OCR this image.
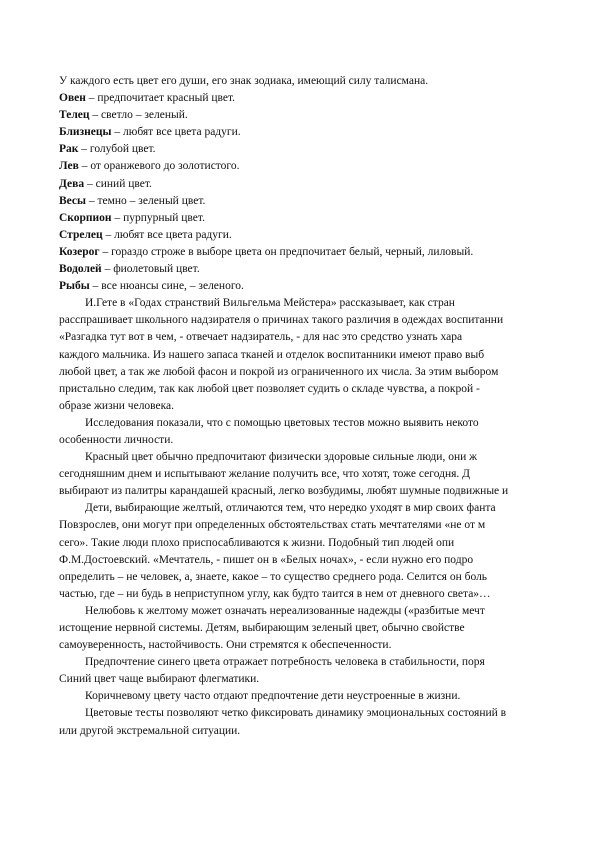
У каждого есть цвет его души, его знак зодиака, имеющий силу талисмана.
Овен – предпочитает красный цвет.
Телец – светло – зеленый.
Близнецы – любят все цвета радуги.
Рак – голубой цвет.
Лев – от оранжевого до золотистого.
Дева – синий цвет.
Весы – темно – зеленый цвет.
Скорпион – пурпурный цвет.
Стрелец – любят все цвета радуги.
Козерог – гораздо строже в выборе цвета он предпочитает белый, черный, лиловый.
Водолей – фиолетовый цвет.
Рыбы – все нюансы сине, – зеленого.
И.Гете в «Годах странствий Вильгельма Мейстера» рассказывает, как стран
расспрашивает школьного надзирателя о причинах такого различия в одеждах воспитанни
«Разгадка тут вот в чем, - отвечает надзиратель, - для нас это средство узнать хара
каждого мальчика. Из нашего запаса тканей и отделок воспитанники имеют право выб
любой цвет, а так же любой фасон и покрой из ограниченного их числа. За этим выбором
пристально следим, так как любой цвет позволяет судить о складе чувства, а покрой -
образе жизни человека.
Исследования показали, что с помощью цветовых тестов можно выявить некото
особенности личности.
Красный цвет обычно предпочитают физически здоровые сильные люди, они ж
сегодняшним днем и испытывают желание получить все, что хотят, тоже сегодня. Д
выбирают из палитры карандашей красный, легко возбудимы, любят шумные подвижные и
Дети, выбирающие желтый, отличаются тем, что нередко уходят в мир своих фанта
Повзрослев, они могут при определенных обстоятельствах стать мечтателями «не от м
сего». Такие люди плохо приспосабливаются к жизни. Подобный тип людей опи
Ф.М.Достоевский. «Мечтатель, - пишет он в «Белых ночах», - если нужно его подро
определить – не человек, а, знаете, какое – то существо среднего рода. Селится он боль
частью, где – ни будь в неприступном углу, как будто таится в нем от дневного света»…
Нелюбовь к желтому может означать нереализованные надежды («разбитые мечт
истощение нервной системы. Детям, выбирающим зеленый цвет, обычно свойстве
самоуверенность, настойчивость. Они стремятся к обеспеченности.
Предпочтение синего цвета отражает потребность человека в стабильности, поря
Синий цвет чаще выбирают флегматики.
Коричневому цвету часто отдают предпочтение дети неустроенные в жизни.
Цветовые тесты позволяют четко фиксировать динамику эмоциональных состояний в
или другой экстремальной ситуации.
